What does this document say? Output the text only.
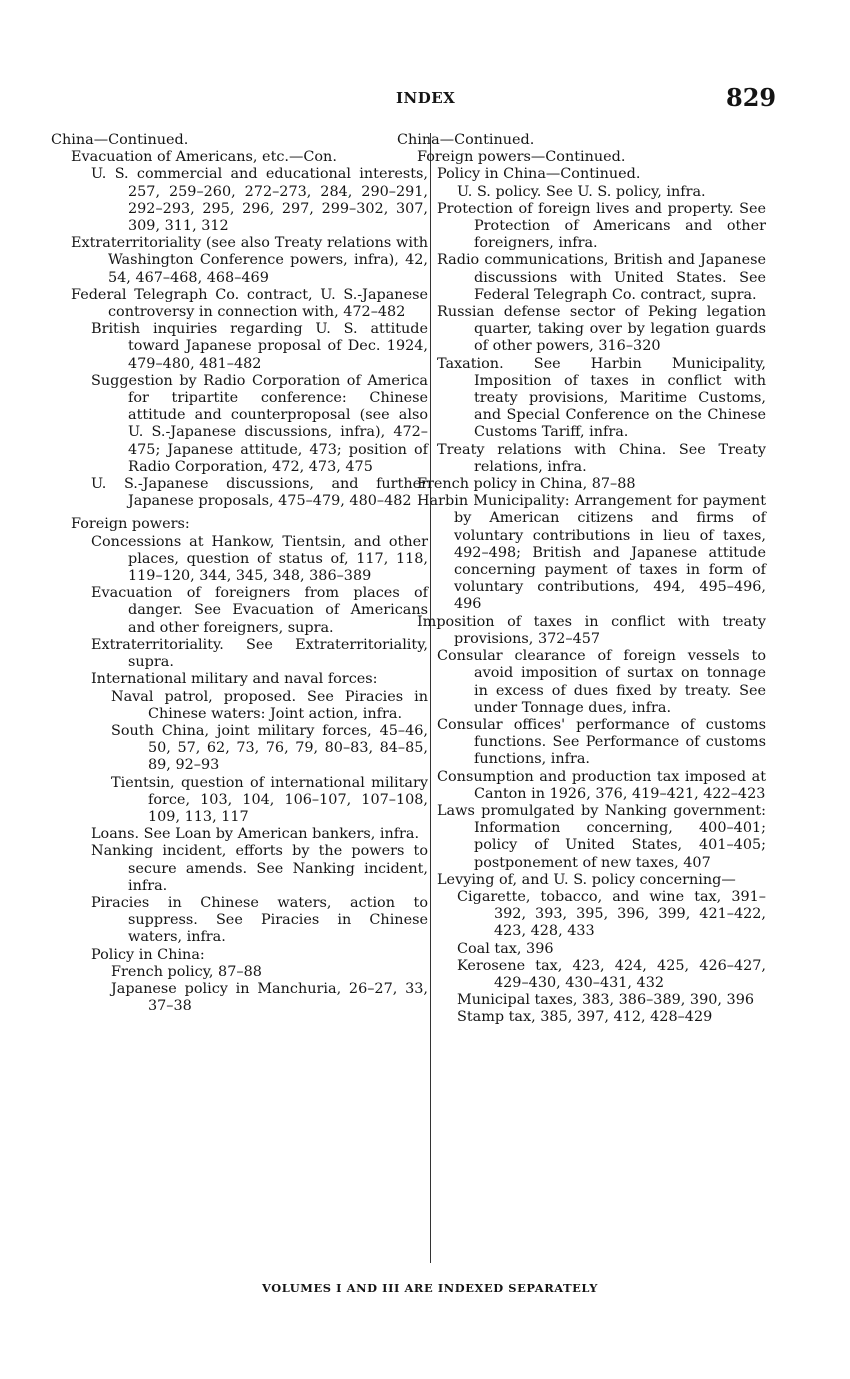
INDEX	829

China—Continued.

Evacuation of Americans, etc.—Con.

U. S. commercial and educational interests, 257, 259–260, 272–273, 284, 290–291, 292–293, 295, 296, 297, 299–302, 307, 309, 311, 312

Extraterritoriality (see also Treaty relations with Washington Conference powers, infra), 42, 54, 467–468, 468–469

Federal Telegraph Co. contract, U. S.-Japanese controversy in connection with, 472–482

British inquiries regarding U. S. attitude toward Japanese proposal of Dec. 1924, 479–480, 481–482

Suggestion by Radio Corporation of America for tripartite conference: Chinese attitude and counterproposal (see also U. S.-Japanese discussions, infra), 472–475; Japanese attitude, 473; position of Radio Corporation, 472, 473, 475

U. S.-Japanese discussions, and further Japanese proposals, 475–479, 480–482

Foreign powers:

Concessions at Hankow, Tientsin, and other places, question of status of, 117, 118, 119–120, 344, 345, 348, 386–389

Evacuation of foreigners from places of danger. See Evacuation of Americans and other foreigners, supra.

Extraterritoriality. See Extraterritoriality, supra.

International military and naval forces:

Naval patrol, proposed. See Piracies in Chinese waters: Joint action, infra.

South China, joint military forces, 45–46, 50, 57, 62, 73, 76, 79, 80–83, 84–85, 89, 92–93

Tientsin, question of international military force, 103, 104, 106–107, 107–108, 109, 113, 117

Loans. See Loan by American bankers, infra.

Nanking incident, efforts by the powers to secure amends. See Nanking incident, infra.

Piracies in Chinese waters, action to suppress. See Piracies in Chinese waters, infra.

Policy in China:

French policy, 87–88

Japanese policy in Manchuria, 26–27, 33, 37–38

China—Continued.

Foreign powers—Continued.

Policy in China—Continued.

U. S. policy. See U. S. policy, infra.

Protection of foreign lives and property. See Protection of Americans and other foreigners, infra.

Radio communications, British and Japanese discussions with United States. See Federal Telegraph Co. contract, supra.

Russian defense sector of Peking legation quarter, taking over by legation guards of other powers, 316–320

Taxation. See Harbin Municipality, Imposition of taxes in conflict with treaty provisions, Maritime Customs, and Special Conference on the Chinese Customs Tariff, infra.

Treaty relations with China. See Treaty relations, infra.

French policy in China, 87–88

Harbin Municipality: Arrangement for payment by American citizens and firms of voluntary contributions in lieu of taxes, 492–498; British and Japanese attitude concerning payment of taxes in form of voluntary contributions, 494, 495–496, 496

Imposition of taxes in conflict with treaty provisions, 372–457

Consular clearance of foreign vessels to avoid imposition of surtax on tonnage in excess of dues fixed by treaty. See under Tonnage dues, infra.

Consular offices' performance of customs functions. See Performance of customs functions, infra.

Consumption and production tax imposed at Canton in 1926, 376, 419–421, 422–423

Laws promulgated by Nanking government: Information concerning, 400–401; policy of United States, 401–405; postponement of new taxes, 407

Levying of, and U. S. policy concerning—

Cigarette, tobacco, and wine tax, 391–392, 393, 395, 396, 399, 421–422, 423, 428, 433

Coal tax, 396

Kerosene tax, 423, 424, 425, 426–427, 429–430, 430–431, 432

Municipal taxes, 383, 386–389, 390, 396

Stamp tax, 385, 397, 412, 428–429

VOLUMES I AND III ARE INDEXED SEPARATELY
